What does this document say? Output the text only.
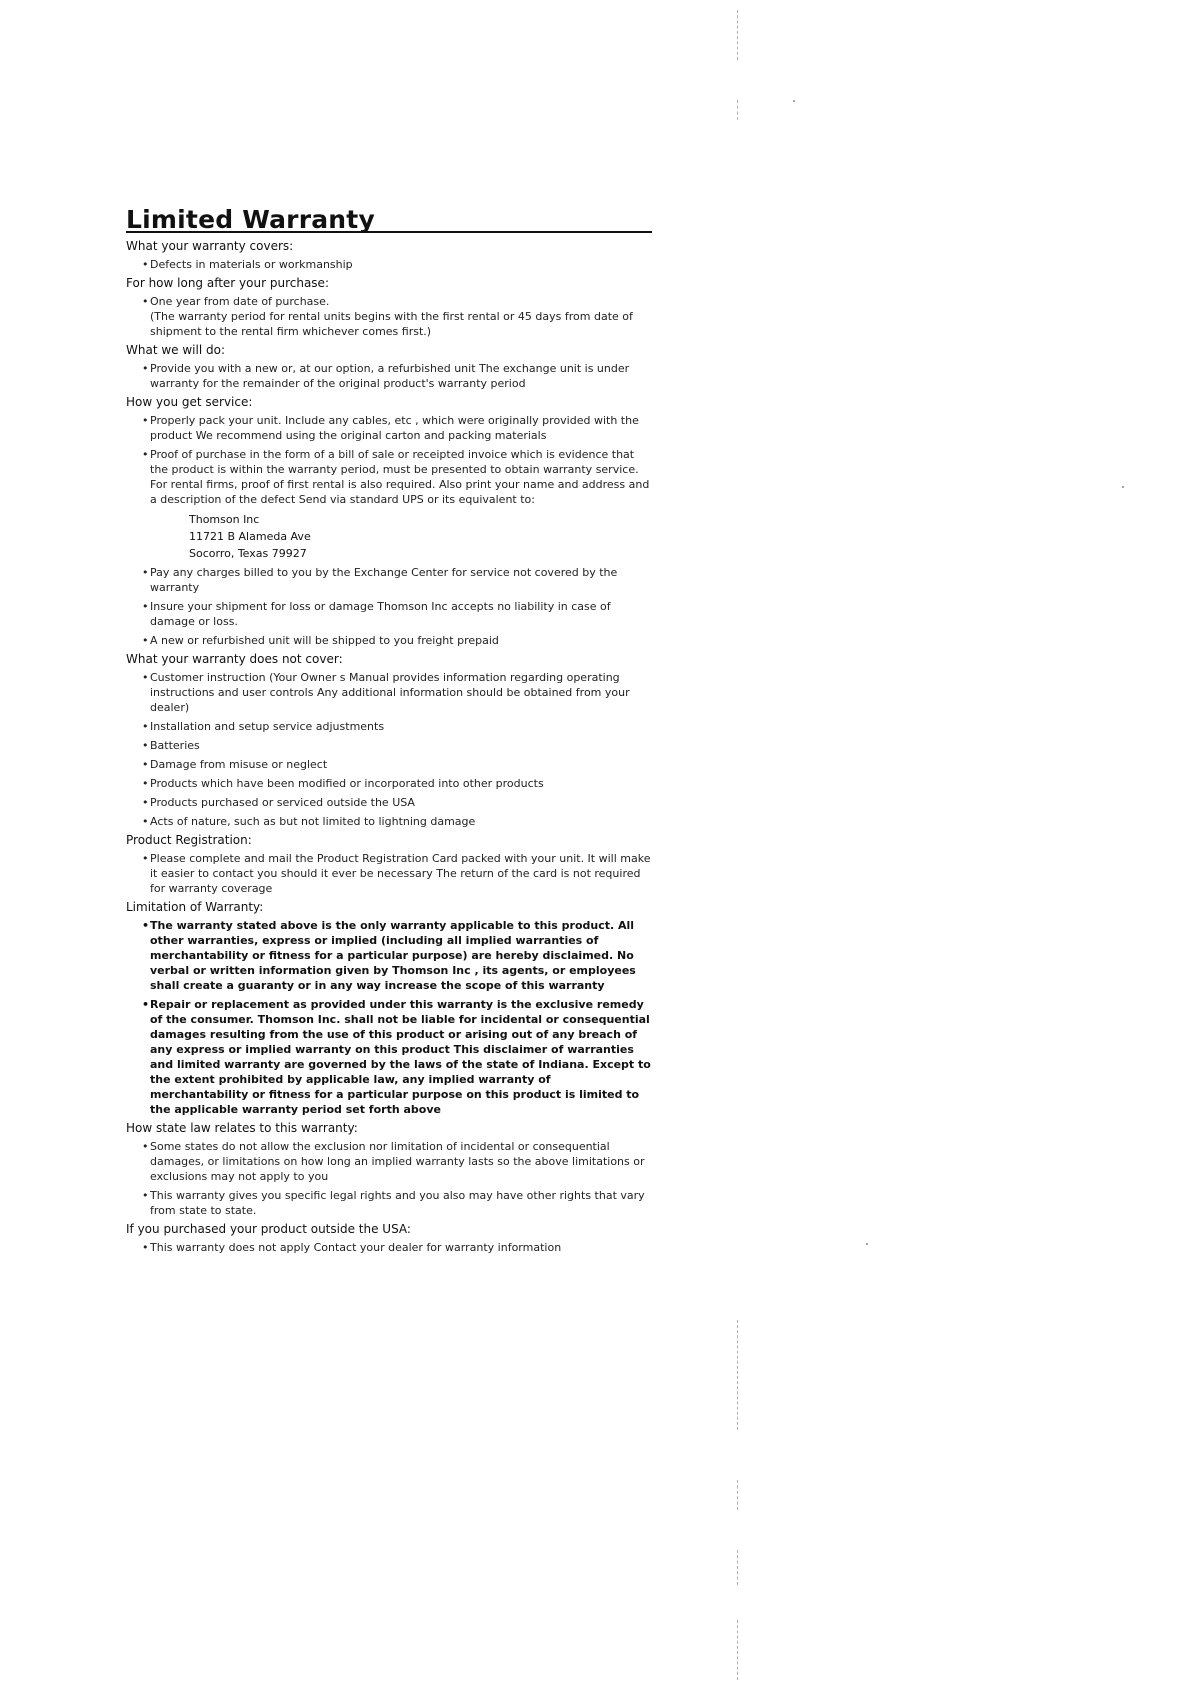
Limited Warranty
What your warranty covers:
• Defects in materials or workmanship
For how long after your purchase:
• One year from date of purchase.
(The warranty period for rental units begins with the first rental or 45 days from date of shipment to the rental firm whichever comes first.)
What we will do:
• Provide you with a new or, at our option, a refurbished unit The exchange unit is under warranty for the remainder of the original product's warranty period
How you get service:
• Properly pack your unit. Include any cables, etc , which were originally provided with the product We recommend using the original carton and packing materials
• Proof of purchase in the form of a bill of sale or receipted invoice which is evidence that the product is within the warranty period, must be presented to obtain warranty service. For rental firms, proof of first rental is also required. Also print your name and address and a description of the defect Send via standard UPS or its equivalent to:
Thomson Inc
11721 B Alameda Ave
Socorro, Texas 79927
• Pay any charges billed to you by the Exchange Center for service not covered by the warranty
• Insure your shipment for loss or damage Thomson Inc accepts no liability in case of damage or loss.
• A new or refurbished unit will be shipped to you freight prepaid
What your warranty does not cover:
• Customer instruction (Your Owner s Manual provides information regarding operating instructions and user controls Any additional information should be obtained from your dealer)
• Installation and setup service adjustments
• Batteries
• Damage from misuse or neglect
• Products which have been modified or incorporated into other products
• Products purchased or serviced outside the USA
• Acts of nature, such as but not limited to lightning damage
Product Registration:
• Please complete and mail the Product Registration Card packed with your unit. It will make it easier to contact you should it ever be necessary The return of the card is not required for warranty coverage
Limitation of Warranty:
• The warranty stated above is the only warranty applicable to this product. All other warranties, express or implied (including all implied warranties of merchantability or fitness for a particular purpose) are hereby disclaimed. No verbal or written information given by Thomson Inc , its agents, or employees shall create a guaranty or in any way increase the scope of this warranty
• Repair or replacement as provided under this warranty is the exclusive remedy of the consumer. Thomson Inc. shall not be liable for incidental or consequential damages resulting from the use of this product or arising out of any breach of any express or implied warranty on this product This disclaimer of warranties and limited warranty are governed by the laws of the state of Indiana. Except to the extent prohibited by applicable law, any implied warranty of merchantability or fitness for a particular purpose on this product is limited to the applicable warranty period set forth above
How state law relates to this warranty:
• Some states do not allow the exclusion nor limitation of incidental or consequential damages, or limitations on how long an implied warranty lasts so the above limitations or exclusions may not apply to you
• This warranty gives you specific legal rights and you also may have other rights that vary from state to state.
If you purchased your product outside the USA:
• This warranty does not apply Contact your dealer for warranty information
